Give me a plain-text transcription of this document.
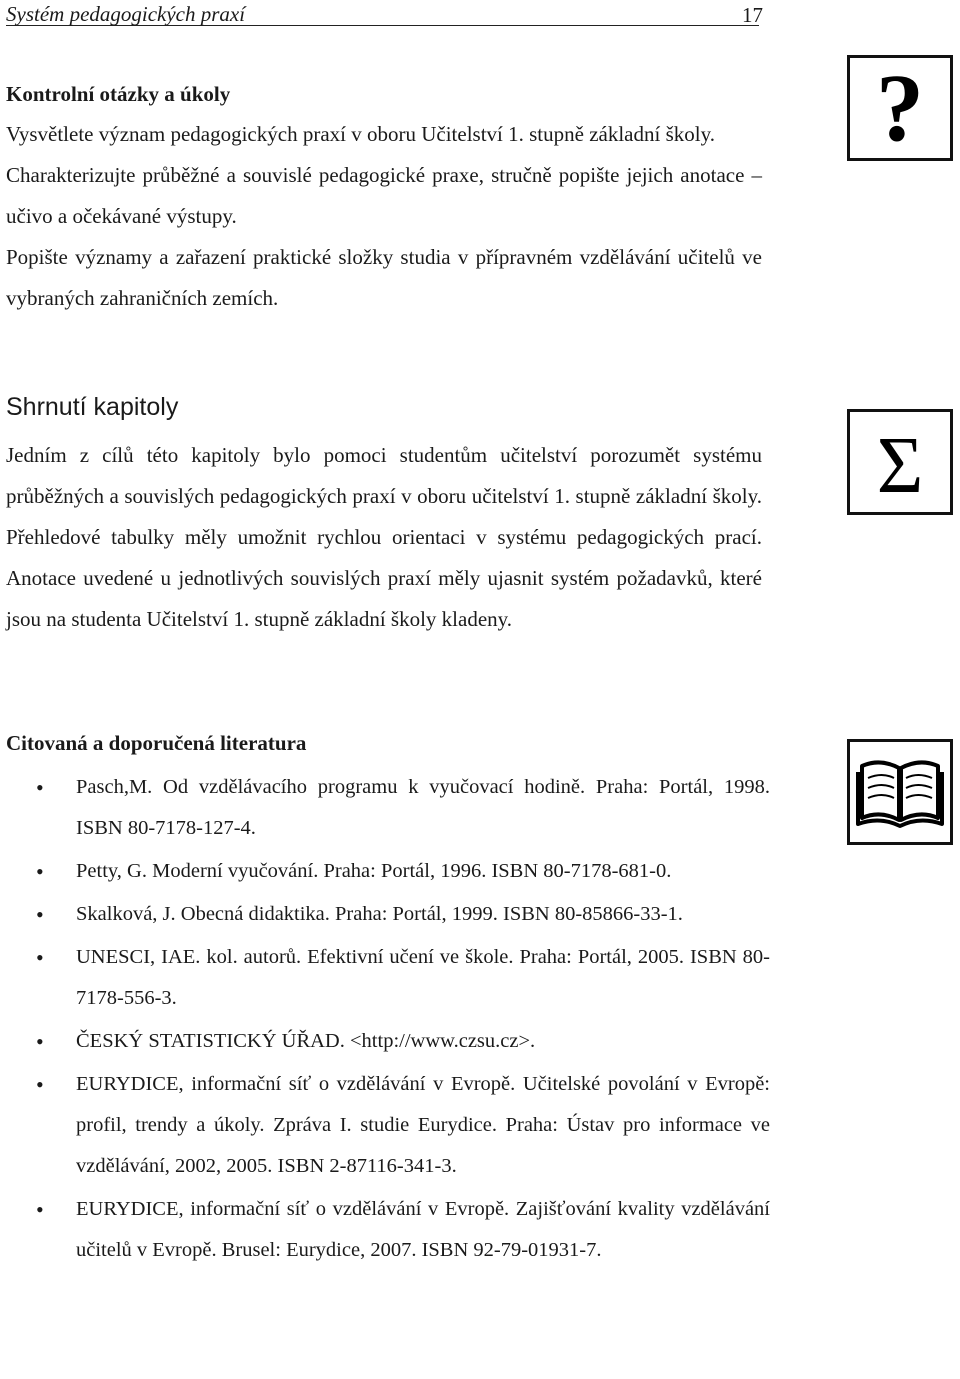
Systém pedagogických praxí	17

Kontrolní otázky a úkoly

Vysvětlete význam pedagogických praxí v oboru Učitelství 1. stupně základní školy.

Charakterizujte průběžné a souvislé pedagogické praxe, stručně popište jejich anotace – učivo a očekávané výstupy.

Popište významy a zařazení praktické složky studia v přípravném vzdělávání učitelů ve vybraných zahraničních zemích.

?
Shrnutí kapitoly

Jedním z cílů této kapitoly bylo pomoci studentům učitelství porozumět systému průběžných a souvislých pedagogických praxí v oboru učitelství 1. stupně základní školy. Přehledové tabulky měly umožnit rychlou orientaci v systému pedagogických prací. Anotace uvedené u jednotlivých souvislých praxí měly ujasnit systém požadavků, které jsou na studenta Učitelství 1. stupně základní školy kladeny.

Σ

Citovaná a doporučená literatura

• Pasch,M. Od vzdělávacího programu k vyučovací hodině. Praha: Portál, 1998. ISBN 80-7178-127-4.
• Petty, G. Moderní vyučování. Praha: Portál, 1996. ISBN 80-7178-681-0.
• Skalková, J. Obecná didaktika. Praha: Portál, 1999. ISBN 80-85866-33-1.
• UNESCI, IAE. kol. autorů. Efektivní učení ve škole. Praha: Portál, 2005. ISBN 80-7178-556-3.
• ČESKÝ STATISTICKÝ ÚŘAD. <http://www.czsu.cz>.
• EURYDICE, informační síť o vzdělávání v Evropě. Učitelské povolání v Evropě: profil, trendy a úkoly. Zpráva I. studie Eurydice. Praha: Ústav pro informace ve vzdělávání, 2002, 2005. ISBN 2-87116-341-3.
• EURYDICE, informační síť o vzdělávání v Evropě. Zajišťování kvality vzdělávání učitelů v Evropě. Brusel: Eurydice, 2007. ISBN 92-79-01931-7.
